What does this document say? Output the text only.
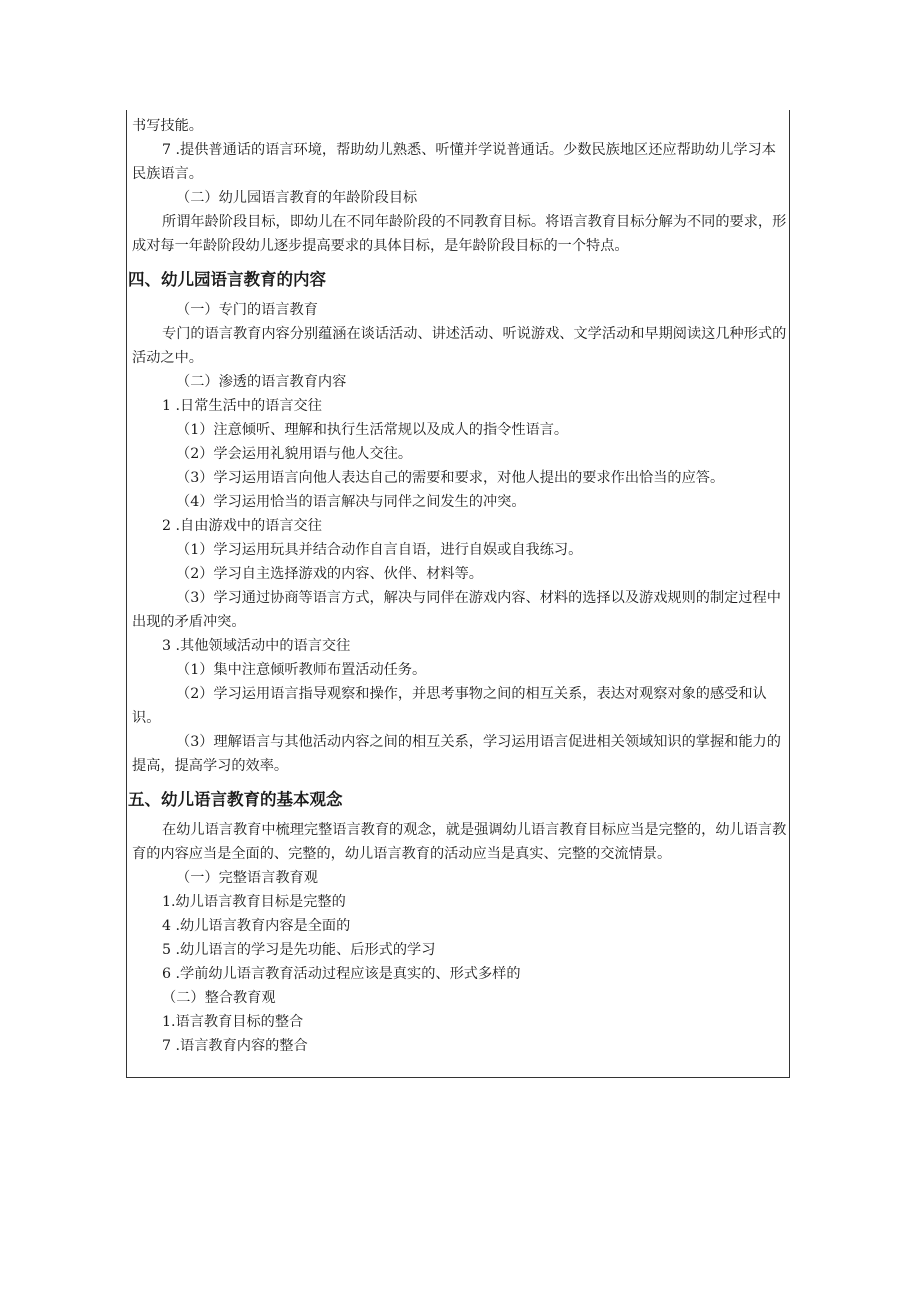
书写技能。

7 .提供普通话的语言环境，帮助幼儿熟悉、听懂并学说普通话。少数民族地区还应帮助幼儿学习本民族语言。

（二）幼儿园语言教育的年龄阶段目标

所谓年龄阶段目标，即幼儿在不同年龄阶段的不同教育目标。将语言教育目标分解为不同的要求，形成对每一年龄阶段幼儿逐步提高要求的具体目标，是年龄阶段目标的一个特点。

四、幼儿园语言教育的内容

（一）专门的语言教育

专门的语言教育内容分别蕴涵在谈话活动、讲述活动、听说游戏、文学活动和早期阅读这几种形式的活动之中。

（二）渗透的语言教育内容

1 .日常生活中的语言交往

（1）注意倾听、理解和执行生活常规以及成人的指令性语言。

（2）学会运用礼貌用语与他人交往。

（3）学习运用语言向他人表达自己的需要和要求，对他人提出的要求作出恰当的应答。

（4）学习运用恰当的语言解决与同伴之间发生的冲突。

2 .自由游戏中的语言交往

（1）学习运用玩具并结合动作自言自语，进行自娱或自我练习。

（2）学习自主选择游戏的内容、伙伴、材料等。

（3）学习通过协商等语言方式，解决与同伴在游戏内容、材料的选择以及游戏规则的制定过程中出现的矛盾冲突。

3 .其他领域活动中的语言交往

（1）集中注意倾听教师布置活动任务。

（2）学习运用语言指导观察和操作，并思考事物之间的相互关系，表达对观察对象的感受和认识。

（3）理解语言与其他活动内容之间的相互关系，学习运用语言促进相关领域知识的掌握和能力的提高，提高学习的效率。

五、幼儿语言教育的基本观念

在幼儿语言教育中梳理完整语言教育的观念，就是强调幼儿语言教育目标应当是完整的，幼儿语言教育的内容应当是全面的、完整的，幼儿语言教育的活动应当是真实、完整的交流情景。

（一）完整语言教育观

1.幼儿语言教育目标是完整的

4 .幼儿语言教育内容是全面的

5 .幼儿语言的学习是先功能、后形式的学习

6 .学前幼儿语言教育活动过程应该是真实的、形式多样的

（二）整合教育观

1.语言教育目标的整合

7 .语言教育内容的整合
